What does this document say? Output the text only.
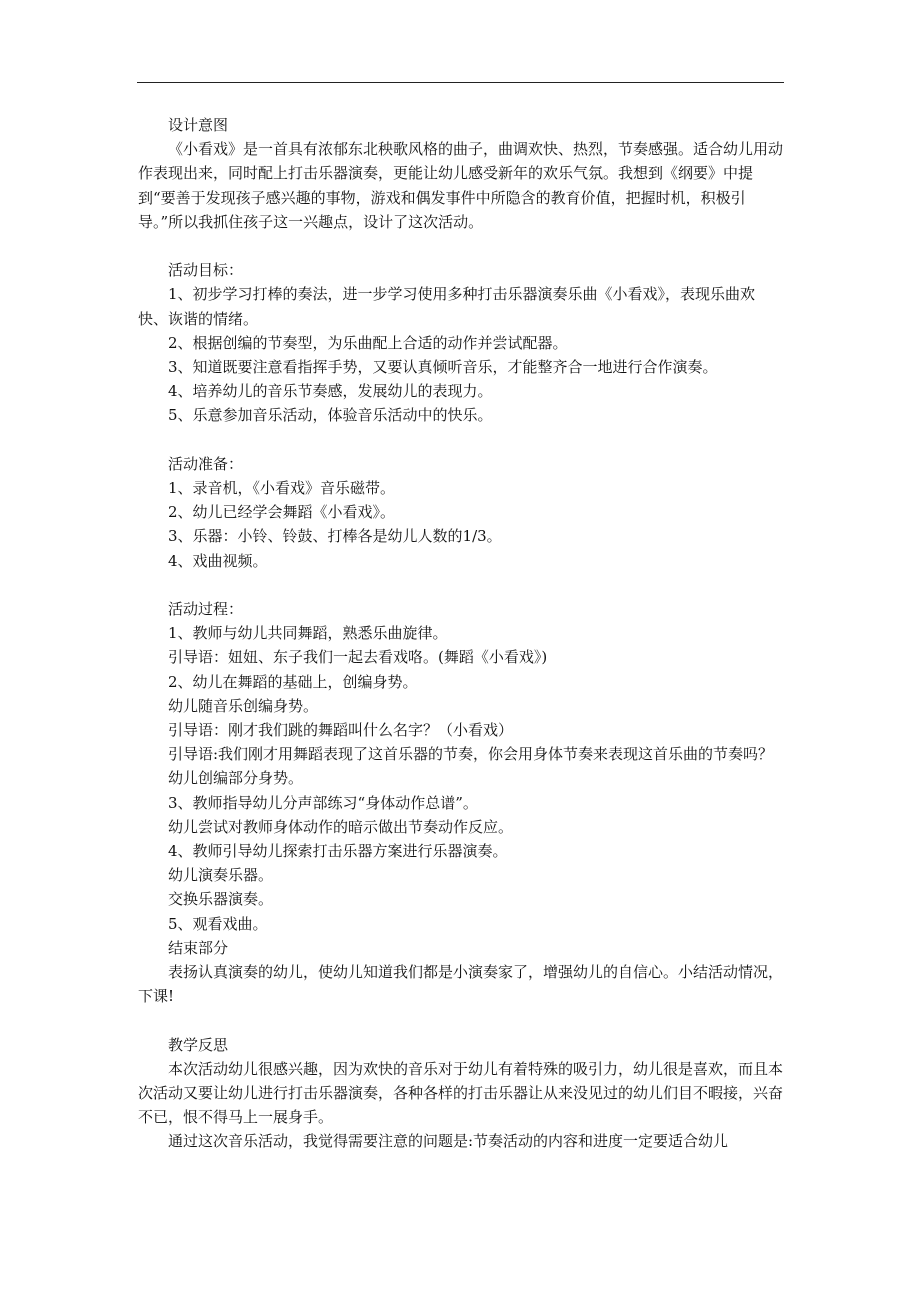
设计意图

《小看戏》是一首具有浓郁东北秧歌风格的曲子，曲调欢快、热烈，节奏感强。适合幼儿用动作表现出来，同时配上打击乐器演奏，更能让幼儿感受新年的欢乐气氛。我想到《纲要》中提到“要善于发现孩子感兴趣的事物，游戏和偶发事件中所隐含的教育价值，把握时机，积极引导。”所以我抓住孩子这一兴趣点，设计了这次活动。

活动目标：

1、初步学习打棒的奏法，进一步学习使用多种打击乐器演奏乐曲《小看戏》，表现乐曲欢快、诙谐的情绪。

2、根据创编的节奏型，为乐曲配上合适的动作并尝试配器。

3、知道既要注意看指挥手势，又要认真倾听音乐，才能整齐合一地进行合作演奏。

4、培养幼儿的音乐节奏感，发展幼儿的表现力。

5、乐意参加音乐活动，体验音乐活动中的快乐。

活动准备：

1、录音机，《小看戏》音乐磁带。

2、幼儿已经学会舞蹈《小看戏》。

3、乐器：小铃、铃鼓、打棒各是幼儿人数的1/3。

4、戏曲视频。

活动过程：

1、教师与幼儿共同舞蹈，熟悉乐曲旋律。

引导语：妞妞、东子我们一起去看戏咯。(舞蹈《小看戏》)

2、幼儿在舞蹈的基础上，创编身势。

幼儿随音乐创编身势。

引导语：刚才我们跳的舞蹈叫什么名字？（小看戏）

引导语:我们刚才用舞蹈表现了这首乐器的节奏，你会用身体节奏来表现这首乐曲的节奏吗？

幼儿创编部分身势。

3、教师指导幼儿分声部练习“身体动作总谱”。

幼儿尝试对教师身体动作的暗示做出节奏动作反应。

4、教师引导幼儿探索打击乐器方案进行乐器演奏。

幼儿演奏乐器。

交换乐器演奏。

5、观看戏曲。

结束部分

表扬认真演奏的幼儿，使幼儿知道我们都是小演奏家了，增强幼儿的自信心。小结活动情况，下课!

教学反思

本次活动幼儿很感兴趣，因为欢快的音乐对于幼儿有着特殊的吸引力，幼儿很是喜欢，而且本次活动又要让幼儿进行打击乐器演奏，各种各样的打击乐器让从来没见过的幼儿们目不暇接，兴奋不已，恨不得马上一展身手。

通过这次音乐活动，我觉得需要注意的问题是:节奏活动的内容和进度一定要适合幼儿
